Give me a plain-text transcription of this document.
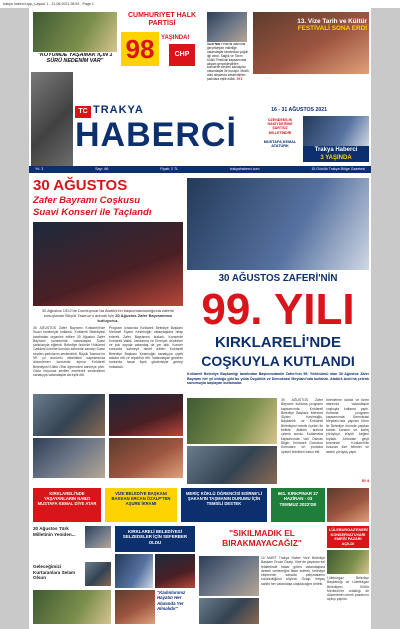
trakya haberci.qxp_Layout 1 - 31.08.2021 08:53 - Page 1
"KÖYÜMDE YAŞAMAK İÇİN 1 SÜRÜ NEDENİM VAR"
CUMHURİYET HALK PARTİSİ
98	YAŞINDA!
CHP
VİZE'NİN Festival alanında gerçekleşen etkinliğe vatandaşlar tarafından yoğun ilgi vardı. Sağlık ve Tarım Kültür Festivali kapsamında akşam gerçekleştirilen konserde sevilen sanatçılar vatandaşlar ile buluştu. Müzik dolu akşamda seslendirilen şarkılara eşlik edildi. Sf 3
13. Vize Tarih ve Kültür FESTİVALİ SONA ERDİ
TC TRAKYA
HABERCİ
16 - 31 AĞUSTOS 2021
ÖZENDEKİLİK HAKİYDEĞİNE ŞARTSIZ MİLLETİNDİR
MUSTAFA KEMAL ATATÜRK
Trakya Haberci
3 YAŞINDA
Yıl: 3	Sayı: 66	Fiyatı: 2 TL	trakyahaberci.com	15 Günlük Trakya Bölge Gazetesi
30 AĞUSTOS
Zafer Bayramı Coşkusu
Suavi Konseri ile Taçlandı
30 Ağustos 1922'de Dumlupınar'da Atatürk'ün başkomandanlığında zaferle sonuçlanan Büyük Taarruz'u anmak için 30 Ağustos Zafer Bayramımızı kutluyoruz.
30 AĞUSTOS Zafer Bayramı Kırklareli'nde Suavi konseriyle kutlandı. Kırklareli Belediyesi tarafından organize edilen 30 Ağustos Zafer Bayramı konserinde vatandaşlar Suavi şarkılarıyla eğlendi. Belediye önünde Hükümet Caddesi üzerine kurulan sahnede sanatçı Suavi sevilen şarkılarını seslendirdi. Büyük Taarruz'un 99. yıl dönümü etkinlikleri kapsamında düzenlenen konserde ayrıca Kırklareli Belediyesi Kültür Ofisi öğrencileri sahneye çıktı. Gece boyunca sevilen eserlerini seslendiren sanatçıya vatandaşlar da eşlik etti.
Program sırasında Kırklareli Belediye Başkanı Mehmet Siyam Kesimoğlu vatandaşlara hitap ederek Zafer Bayramını kutladı. Konserde Kırklareli Valisi, Jandarma ve Emniyet müdürleri ve çok sayıda vatandaş da yer aldı. Konser sonunda sahneye davet edilen Kırklareli Belediye Başkanı Kesimoğlu sanatçıya çiçek takdim etti ve teşekkür etti. Vatandaşlar gecenin sonunda havai fişek gösterisiyle geceyi noktaladı.
30 AĞUSTOS ZAFERİ'NİN
99. YILI
KIRKLARELİ'NDE
COŞKUYLA KUTLANDI
Kırklareli Belediye Başkanlığı tarafından Başkomutanlık Zaferi'nin 99. Yıldönümü olan 30 Ağustos Zafer Bayramı her yıl olduğu gibi bu yılda Özgürlük ve Demokrasi Meydanı'nda kutlandı. Atatürk Anıtı'na çelenk sunumuyla başlayan kutlamalar.
30 AĞUSTOS Zafer Bayramı kutlama programı kapsamında Kırklareli Belediye Başkanı Mehmet Siyam Kesimoğlu, Başkanlık ve Kırklareli Belediyesi meclis üyeleri ile birlikte Atatürk anıtına çelenk sundu. Kutlamalar kapsamında Vali Osman Bilgin, Kırklareli Garnizon Komutanı ve protokol üyeleri tebrikleri kabul etti.
törenlerine katıldı ve tören alanında vatandaşlar coşkuyla kutlama yaptı. Kutlama programı kapsamında Demokrasi Meydanı'nda yapılan tören ile Belediye önünde yapılan bando konseri ve kortej yürüyüşü büyük beğeni topladı. Ardından geçit töreninde Kırklareli'de bulunan tüm birimler ve askeri yürüyüş yaptı.
Sf 4
KIRKLARELİ'NDE YAŞAYANLARIN NABZI MUSTAFA KEMAL DİYE ATAR
VİZE BELEDİYE BAŞKANI BAKKAN ERCAN ÖZALP'TEN AŞURE İKRAMI
MERİÇ KÖKLÜ ÖĞRENCİSİ EDİRNE'Lİ ŞAKAN'IN TAŞMANIN DURUMU İÇİN TEMSİLİ DESTEK
661. KIRKPINAR 27 HAZİRAN - 03 TEMMUZ 2022'DE
30 Ağustos Türk Milletinin Yeniden...
Geleceğimizi Kurtaranlara Selam Olsun
KIRKLARELİ BELEDİYESİ SELZEDELER İÇİN SEFERBER OLDU
"Kadınlarımız Hayatın Her Alanında Yer Almalıdır"
"SIKILMADIK EL BIRAKMAYACAĞIZ"
10 MART Trakya Haber Vize Belediye Başkanı Ercan Özalp, Vize'de yaşanan sel felaketinde hasar gören vatandaşlara destek verileceğini ifade ederek, belediye ekiplerinin sahada çalışmalarını sürdürdüğünü söyledi. Özalp, ihtiyaç sahibi her vatandaşa ulaşılacağını belirtti.
LÜLEBURGAZ'ENERİ KONSERVATUVARI EMEĞİ PAZARI AÇILDI
Lüleburgaz Belediye Başkanlığı ve Lüleburgaz Belediyesi Kültür Merkezi'nin ortaklığı ile düzenlenen emek pazarının açılışı yapıldı.
